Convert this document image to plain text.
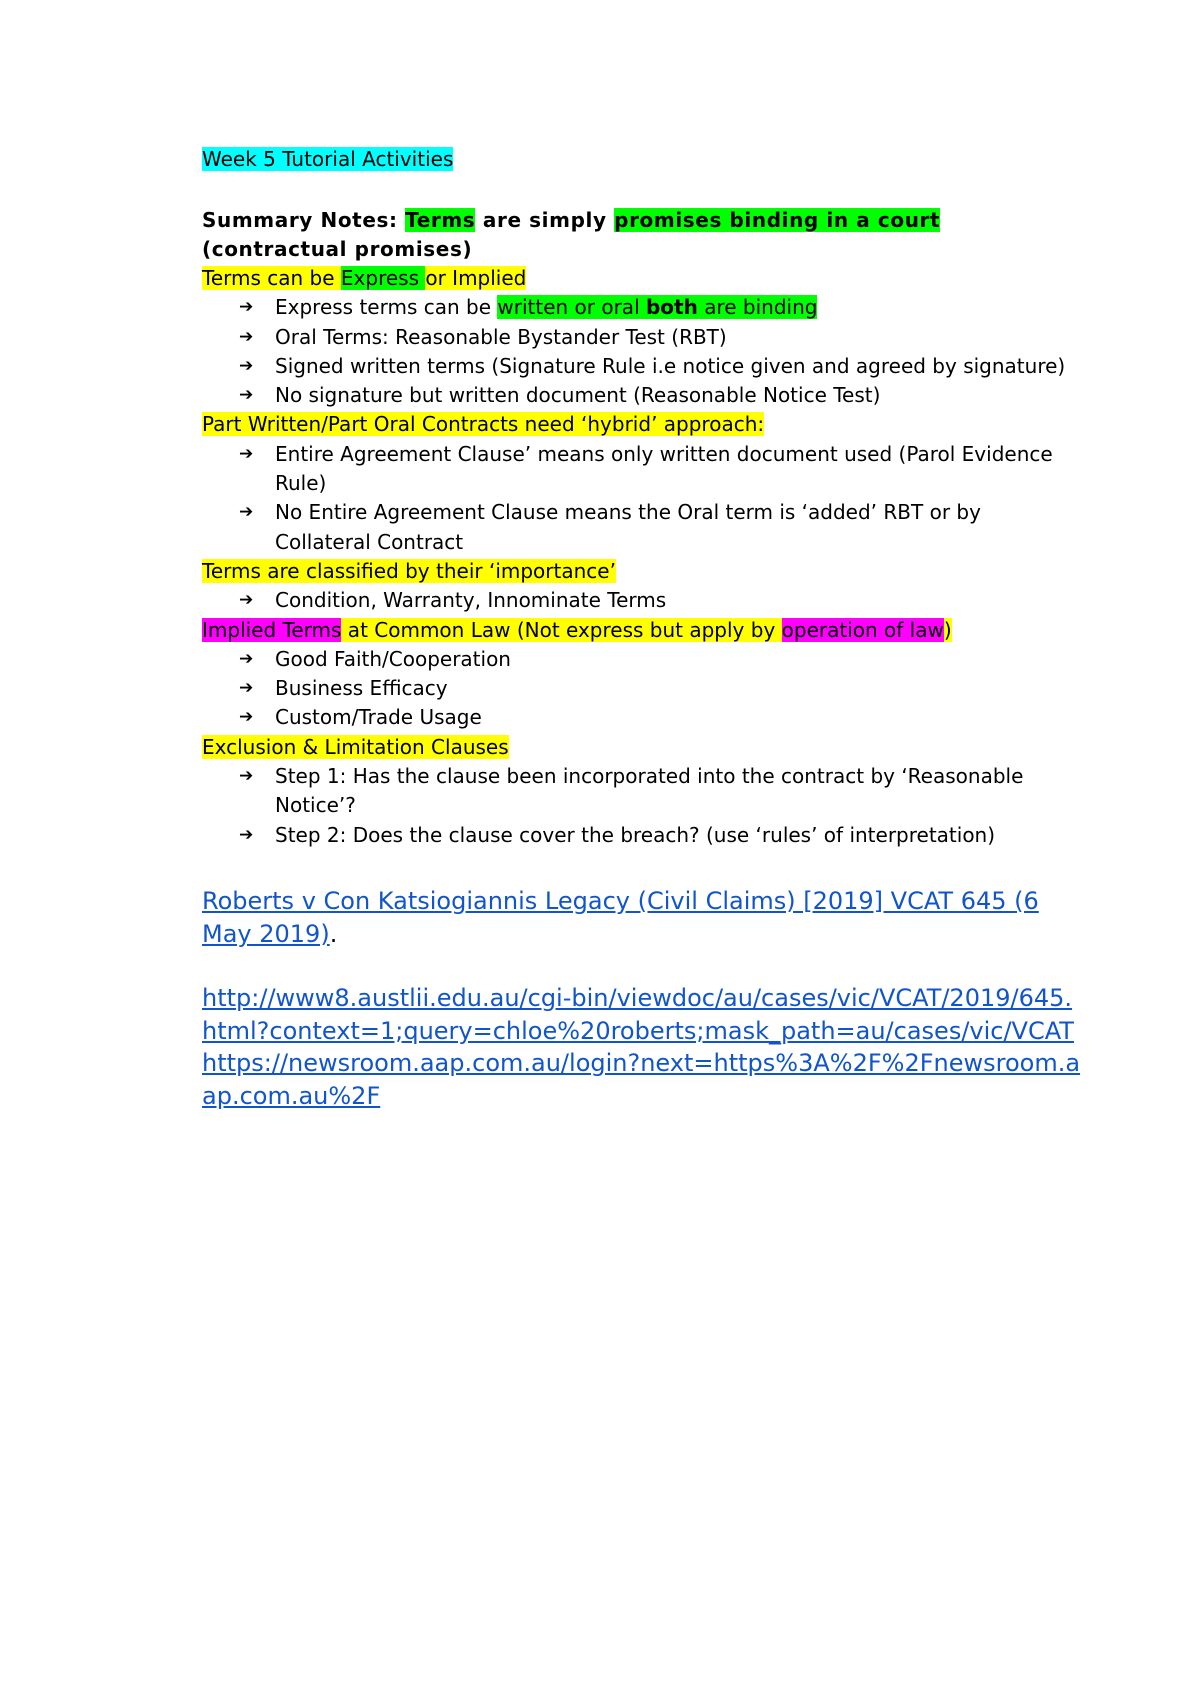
Week 5 Tutorial Activities
Summary Notes: Terms are simply promises binding in a court (contractual promises)
Terms can be Express or Implied
➔ Express terms can be written or oral both are binding
➔ Oral Terms: Reasonable Bystander Test (RBT)
➔ Signed written terms (Signature Rule i.e notice given and agreed by signature)
➔ No signature but written document (Reasonable Notice Test)
Part Written/Part Oral Contracts need ‘hybrid’ approach:
➔ Entire Agreement Clause’ means only written document used (Parol Evidence Rule)
➔ No Entire Agreement Clause means the Oral term is ‘added’ RBT or by Collateral Contract
Terms are classified by their ‘importance’
➔ Condition, Warranty, Innominate Terms
Implied Terms at Common Law (Not express but apply by operation of law)
➔ Good Faith/Cooperation
➔ Business Efficacy
➔ Custom/Trade Usage
Exclusion & Limitation Clauses
➔ Step 1: Has the clause been incorporated into the contract by ‘Reasonable Notice’?
➔ Step 2: Does the clause cover the breach? (use ‘rules’ of interpretation)
Roberts v Con Katsiogiannis Legacy (Civil Claims) [2019] VCAT 645 (6 May 2019).
http://www8.austlii.edu.au/cgi-bin/viewdoc/au/cases/vic/VCAT/2019/645.html?context=1;query=chloe%20roberts;mask_path=au/cases/vic/VCAThttps://newsroom.aap.com.au/login?next=https%3A%2F%2Fnewsroom.aap.com.au%2F
